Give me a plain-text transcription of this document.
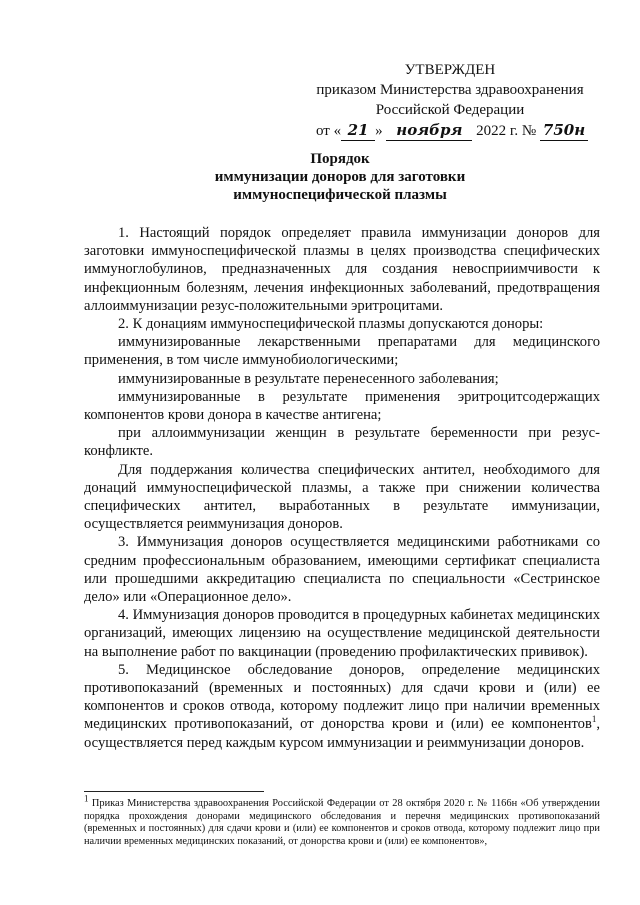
УТВЕРЖДЕН
приказом Министерства здравоохранения
Российской Федерации
от « 21 » ноября 2022 г. № 750н
Порядок
иммунизации доноров для заготовки
иммуноспецифической плазмы

1. Настоящий порядок определяет правила иммунизации доноров для заготовки иммуноспецифической плазмы в целях производства специфических иммуноглобулинов, предназначенных для создания невосприимчивости к инфекционным болезням, лечения инфекционных заболеваний, предотвращения аллоиммунизации резус-положительными эритроцитами.

2. К донациям иммуноспецифической плазмы допускаются доноры:

иммунизированные лекарственными препаратами для медицинского применения, в том числе иммунобиологическими;

иммунизированные в результате перенесенного заболевания;

иммунизированные в результате применения эритроцитсодержащих компонентов крови донора в качестве антигена;

при аллоиммунизации женщин в результате беременности при резус-конфликте.

Для поддержания количества специфических антител, необходимого для донаций иммуноспецифической плазмы, а также при снижении количества специфических антител, выработанных в результате иммунизации, осуществляется реиммунизация доноров.

3. Иммунизация доноров осуществляется медицинскими работниками со средним профессиональным образованием, имеющими сертификат специалиста или прошедшими аккредитацию специалиста по специальности «Сестринское дело» или «Операционное дело».

4. Иммунизация доноров проводится в процедурных кабинетах медицинских организаций, имеющих лицензию на осуществление медицинской деятельности на выполнение работ по вакцинации (проведению профилактических прививок).

5. Медицинское обследование доноров, определение медицинских противопоказаний (временных и постоянных) для сдачи крови и (или) ее компонентов и сроков отвода, которому подлежит лицо при наличии временных медицинских противопоказаний, от донорства крови и (или) ее компонентов$^1$, осуществляется перед каждым курсом иммунизации и реиммунизации доноров.

$^1$ Приказ Министерства здравоохранения Российской Федерации от 28 октября 2020 г. № 1166н «Об утверждении порядка прохождения донорами медицинского обследования и перечня медицинских противопоказаний (временных и постоянных) для сдачи крови и (или) ее компонентов и сроков отвода, которому подлежит лицо при наличии временных медицинских показаний, от донорства крови и (или) ее компонентов»,
